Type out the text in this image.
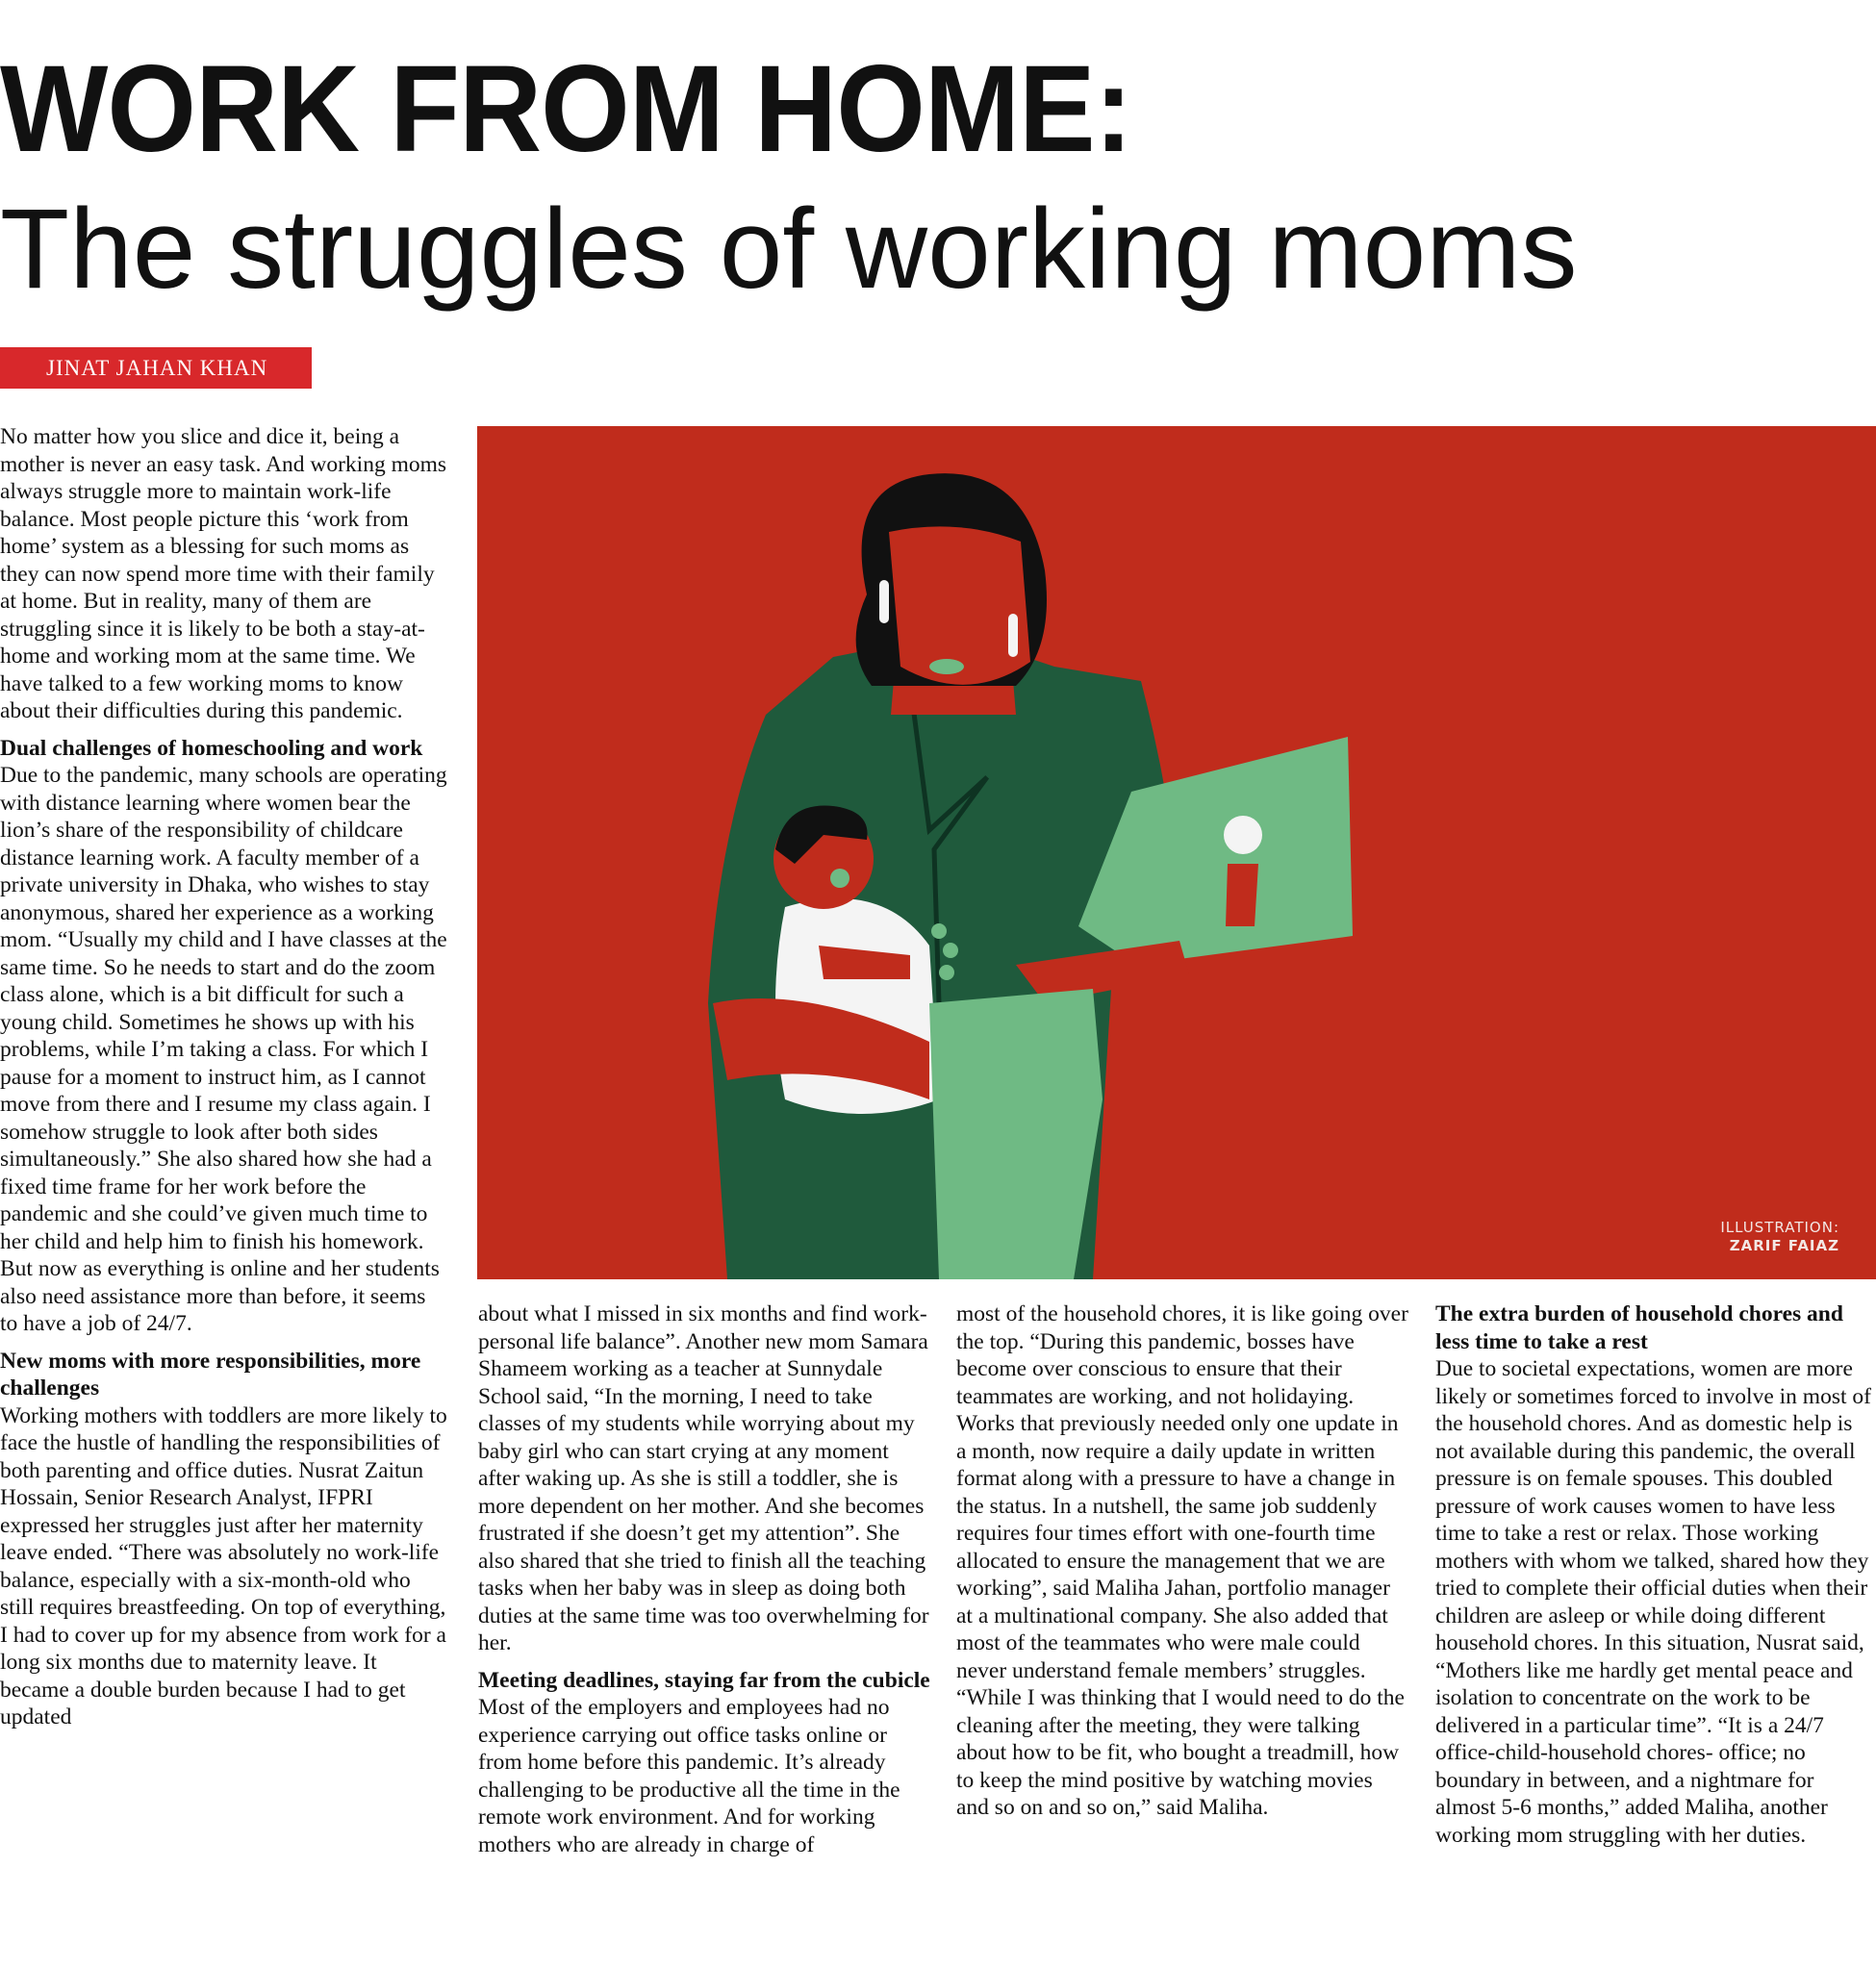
WORK FROM HOME:
The struggles of working moms
JINAT JAHAN KHAN
ILLUSTRATION:
ZARIF FAIAZ

No matter how you slice and dice it, being a mother is never an easy task. And working moms always struggle more to maintain work-life balance. Most people picture this ‘work from home’ system as a blessing for such moms as they can now spend more time with their family at home. But in reality, many of them are struggling since it is likely to be both a stay-at-home and working mom at the same time. We have talked to a few working moms to know about their difficulties during this pandemic.

Dual challenges of homeschooling and work

Due to the pandemic, many schools are operating with distance learning where women bear the lion’s share of the responsibility of childcare distance learning work. A faculty member of a private university in Dhaka, who wishes to stay anonymous, shared her experience as a working mom. “Usually my child and I have classes at the same time. So he needs to start and do the zoom class alone, which is a bit difficult for such a young child. Sometimes he shows up with his problems, while I’m taking a class. For which I pause for a moment to instruct him, as I cannot move from there and I resume my class again. I somehow struggle to look after both sides simultaneously.” She also shared how she had a fixed time frame for her work before the pandemic and she could’ve given much time to her child and help him to finish his homework. But now as everything is online and her students also need assistance more than before, it seems to have a job of 24/7.

New moms with more responsibilities, more challenges

Working mothers with toddlers are more likely to face the hustle of handling the responsibilities of both parenting and office duties. Nusrat Zaitun Hossain, Senior Research Analyst, IFPRI expressed her struggles just after her maternity leave ended. “There was absolutely no work-life balance, especially with a six-month-old who still requires breastfeeding. On top of everything, I had to cover up for my absence from work for a long six months due to maternity leave. It became a double burden because I had to get updated

about what I missed in six months and find work-personal life balance”. Another new mom Samara Shameem working as a teacher at Sunnydale School said, “In the morning, I need to take classes of my students while worrying about my baby girl who can start crying at any moment after waking up. As she is still a toddler, she is more dependent on her mother. And she becomes frustrated if she doesn’t get my attention”. She also shared that she tried to finish all the teaching tasks when her baby was in sleep as doing both duties at the same time was too overwhelming for her.

Meeting deadlines, staying far from the cubicle

Most of the employers and employees had no experience carrying out office tasks online or from home before this pandemic. It’s already challenging to be productive all the time in the remote work environment. And for working mothers who are already in charge of

most of the household chores, it is like going over the top. “During this pandemic, bosses have become over conscious to ensure that their teammates are working, and not holidaying. Works that previously needed only one update in a month, now require a daily update in written format along with a pressure to have a change in the status. In a nutshell, the same job suddenly requires four times effort with one-fourth time allocated to ensure the management that we are working”, said Maliha Jahan, portfolio manager at a multinational company. She also added that most of the teammates who were male could never understand female members’ struggles. “While I was thinking that I would need to do the cleaning after the meeting, they were talking about how to be fit, who bought a treadmill, how to keep the mind positive by watching movies and so on and so on,” said Maliha.

The extra burden of household chores and less time to take a rest

Due to societal expectations, women are more likely or sometimes forced to involve in most of the household chores. And as domestic help is not available during this pandemic, the overall pressure is on female spouses. This doubled pressure of work causes women to have less time to take a rest or relax. Those working mothers with whom we talked, shared how they tried to complete their official duties when their children are asleep or while doing different household chores. In this situation, Nusrat said, “Mothers like me hardly get mental peace and isolation to concentrate on the work to be delivered in a particular time”. “It is a 24/7 office-child-household chores- office; no boundary in between, and a nightmare for almost 5-6 months,” added Maliha, another working mom struggling with her duties.
